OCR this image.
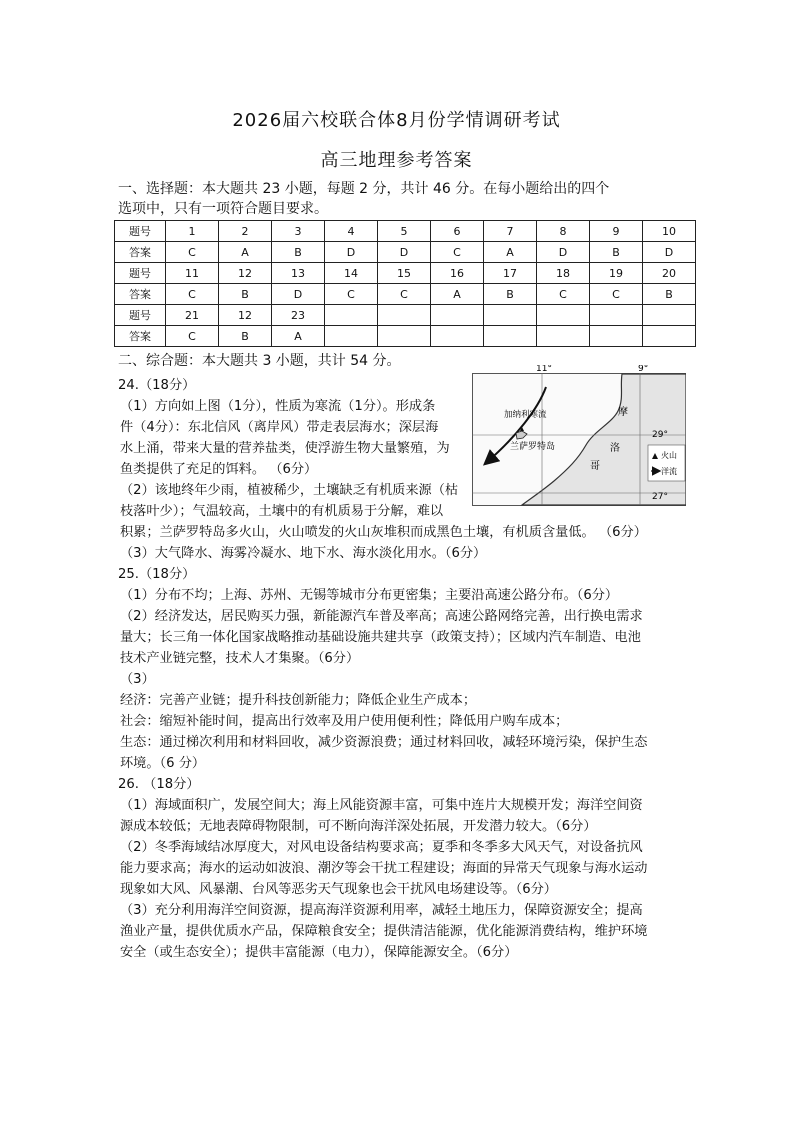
2026届六校联合体8月份学情调研考试
高三地理参考答案
一、选择题：本大题共 23 小题，每题 2 分，共计 46 分。在每小题给出的四个
选项中，只有一项符合题目要求。
题号	1	2	3	4	5	6	7	8	9	10
答案	C	A	B	D	D	C	A	D	B	D
题号	11	12	13	14	15	16	17	18	19	20
答案	C	B	D	C	C	A	B	C	C	B
题号	21	12	23							
答案	C	B	A							
二、综合题：本大题共 3 小题，共计 54 分。
24.（18分）
（1）方向如上图（1分），性质为寒流（1分）。形成条
件（4分）：东北信风（离岸风）带走表层海水；深层海
水上涌，带来大量的营养盐类，使浮游生物大量繁殖，为
鱼类提供了充足的饵料。 （6分）
（2）该地终年少雨，植被稀少，土壤缺乏有机质来源（枯
枝落叶少）；气温较高，土壤中的有机质易于分解，难以
积累；兰萨罗特岛多火山，火山喷发的火山灰堆积而成黑色土壤，有机质含量低。 （6分）
（3）大气降水、海雾冷凝水、地下水、海水淡化用水。（6分）
11°	9°
29°
27°
加纳利寒流
兰萨罗特岛
摩
洛
哥
火山
洋流
25.（18分）
（1）分布不均；上海、苏州、无锡等城市分布更密集；主要沿高速公路分布。（6分）
（2）经济发达，居民购买力强，新能源汽车普及率高；高速公路网络完善，出行换电需求
量大；长三角一体化国家战略推动基础设施共建共享（政策支持）；区域内汽车制造、电池
技术产业链完整，技术人才集聚。（6分）
（3）
经济：完善产业链；提升科技创新能力；降低企业生产成本；
社会：缩短补能时间，提高出行效率及用户使用便利性；降低用户购车成本；
生态：通过梯次利用和材料回收，减少资源浪费；通过材料回收，减轻环境污染，保护生态
环境。（6 分）
26. （18分）
（1）海域面积广，发展空间大；海上风能资源丰富，可集中连片大规模开发；海洋空间资
源成本较低；无地表障碍物限制，可不断向海洋深处拓展，开发潜力较大。（6分）
（2）冬季海域结冰厚度大，对风电设备结构要求高；夏季和冬季多大风天气，对设备抗风
能力要求高；海水的运动如波浪、潮汐等会干扰工程建设；海面的异常天气现象与海水运动
现象如大风、风暴潮、台风等恶劣天气现象也会干扰风电场建设等。（6分）
（3）充分利用海洋空间资源，提高海洋资源利用率，减轻土地压力，保障资源安全；提高
渔业产量，提供优质水产品，保障粮食安全；提供清洁能源，优化能源消费结构，维护环境
安全（或生态安全）；提供丰富能源（电力），保障能源安全。（6分）
